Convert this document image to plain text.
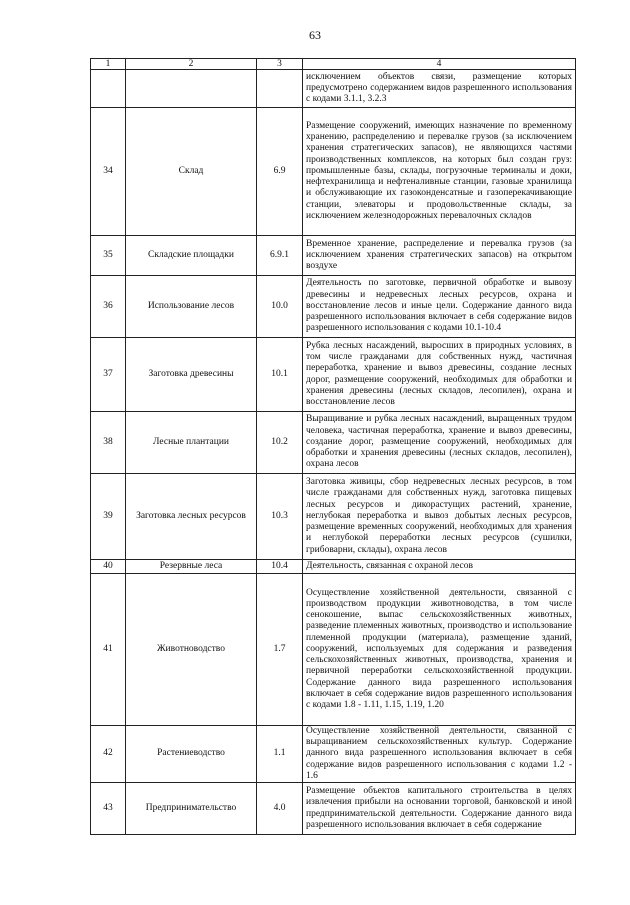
63
1	2	3	4
			исключением объектов связи, размещение которых предусмотрено содержанием видов разрешенного использования с кодами 3.1.1, 3.2.3
34	Склад	6.9	Размещение сооружений, имеющих назначение по временному хранению, распределению и перевалке грузов (за исключением хранения стратегических запасов), не являющихся частями производственных комплексов, на которых был создан груз: промышленные базы, склады, погрузочные терминалы и доки, нефтехранилища и нефтеналивные станции, газовые хранилища и обслуживающие их газоконденсатные и газоперекачивающие станции, элеваторы и продовольственные склады, за исключением железнодорожных перевалочных складов
35	Складские площадки	6.9.1	Временное хранение, распределение и перевалка грузов (за исключением хранения стратегических запасов) на открытом воздухе
36	Использование лесов	10.0	Деятельность по заготовке, первичной обработке и вывозу древесины и недревесных лесных ресурсов, охрана и восстановление лесов и иные цели. Содержание данного вида разрешенного использования включает в себя содержание видов разрешенного использования с кодами 10.1-10.4
37	Заготовка древесины	10.1	Рубка лесных насаждений, выросших в природных условиях, в том числе гражданами для собственных нужд, частичная переработка, хранение и вывоз древесины, создание лесных дорог, размещение сооружений, необходимых для обработки и хранения древесины (лесных складов, лесопилен), охрана и восстановление лесов
38	Лесные плантации	10.2	Выращивание и рубка лесных насаждений, выращенных трудом человека, частичная переработка, хранение и вывоз древесины, создание дорог, размещение сооружений, необходимых для обработки и хранения древесины (лесных складов, лесопилен), охрана лесов
39	Заготовка лесных ресурсов	10.3	Заготовка живицы, сбор недревесных лесных ресурсов, в том числе гражданами для собственных нужд, заготовка пищевых лесных ресурсов и дикорастущих растений, хранение, неглубокая переработка и вывоз добытых лесных ресурсов, размещение временных сооружений, необходимых для хранения и неглубокой переработки лесных ресурсов (сушилки, грибоварни, склады), охрана лесов
40	Резервные леса	10.4	Деятельность, связанная с охраной лесов
41	Животноводство	1.7	Осуществление хозяйственной деятельности, связанной с производством продукции животноводства, в том числе сенокошение, выпас сельскохозяйственных животных, разведение племенных животных, производство и использование племенной продукции (материала), размещение зданий, сооружений, используемых для содержания и разведения сельскохозяйственных животных, производства, хранения и первичной переработки сельскохозяйственной продукции. Содержание данного вида разрешенного использования включает в себя содержание видов разрешенного использования с кодами 1.8 - 1.11, 1.15, 1.19, 1.20
42	Растениеводство	1.1	Осуществление хозяйственной деятельности, связанной с выращиванием сельскохозяйственных культур. Содержание данного вида разрешенного использования включает в себя содержание видов разрешенного использования с кодами 1.2 - 1.6
43	Предпринимательство	4.0	Размещение объектов капитального строительства в целях извлечения прибыли на основании торговой, банковской и иной предпринимательской деятельности. Содержание данного вида разрешенного использования включает в себя содержание
